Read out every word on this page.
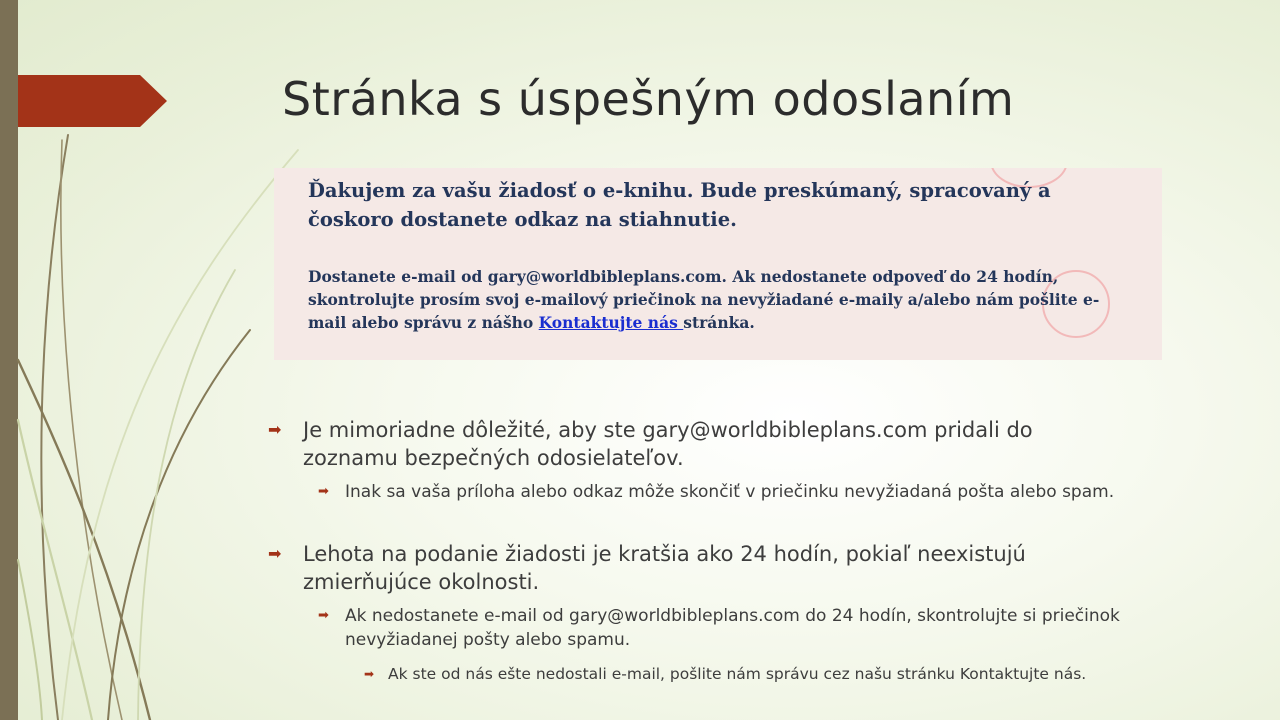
Stránka s úspešným odoslaním

Ďakujem za vašu žiadosť o e-knihu. Bude preskúmaný, spracovaný a čoskoro dostanete odkaz na stiahnutie.

Dostanete e-mail od gary@worldbibleplans.com. Ak nedostanete odpoveď do 24 hodín, skontrolujte prosím svoj e-mailový priečinok na nevyžiadané e-maily a/alebo nám pošlite e-mail alebo správu z nášho Kontaktujte nás stránka.

➡ Je mimoriadne dôležité, aby ste gary@worldbibleplans.com pridali do zoznamu bezpečných odosielateľov.

➡ Inak sa vaša príloha alebo odkaz môže skončiť v priečinku nevyžiadaná pošta alebo spam.

➡ Lehota na podanie žiadosti je kratšia ako 24 hodín, pokiaľ neexistujú zmierňujúce okolnosti.

➡ Ak nedostanete e-mail od gary@worldbibleplans.com do 24 hodín, skontrolujte si priečinok nevyžiadanej pošty alebo spamu.

➡ Ak ste od nás ešte nedostali e-mail, pošlite nám správu cez našu stránku Kontaktujte nás.
